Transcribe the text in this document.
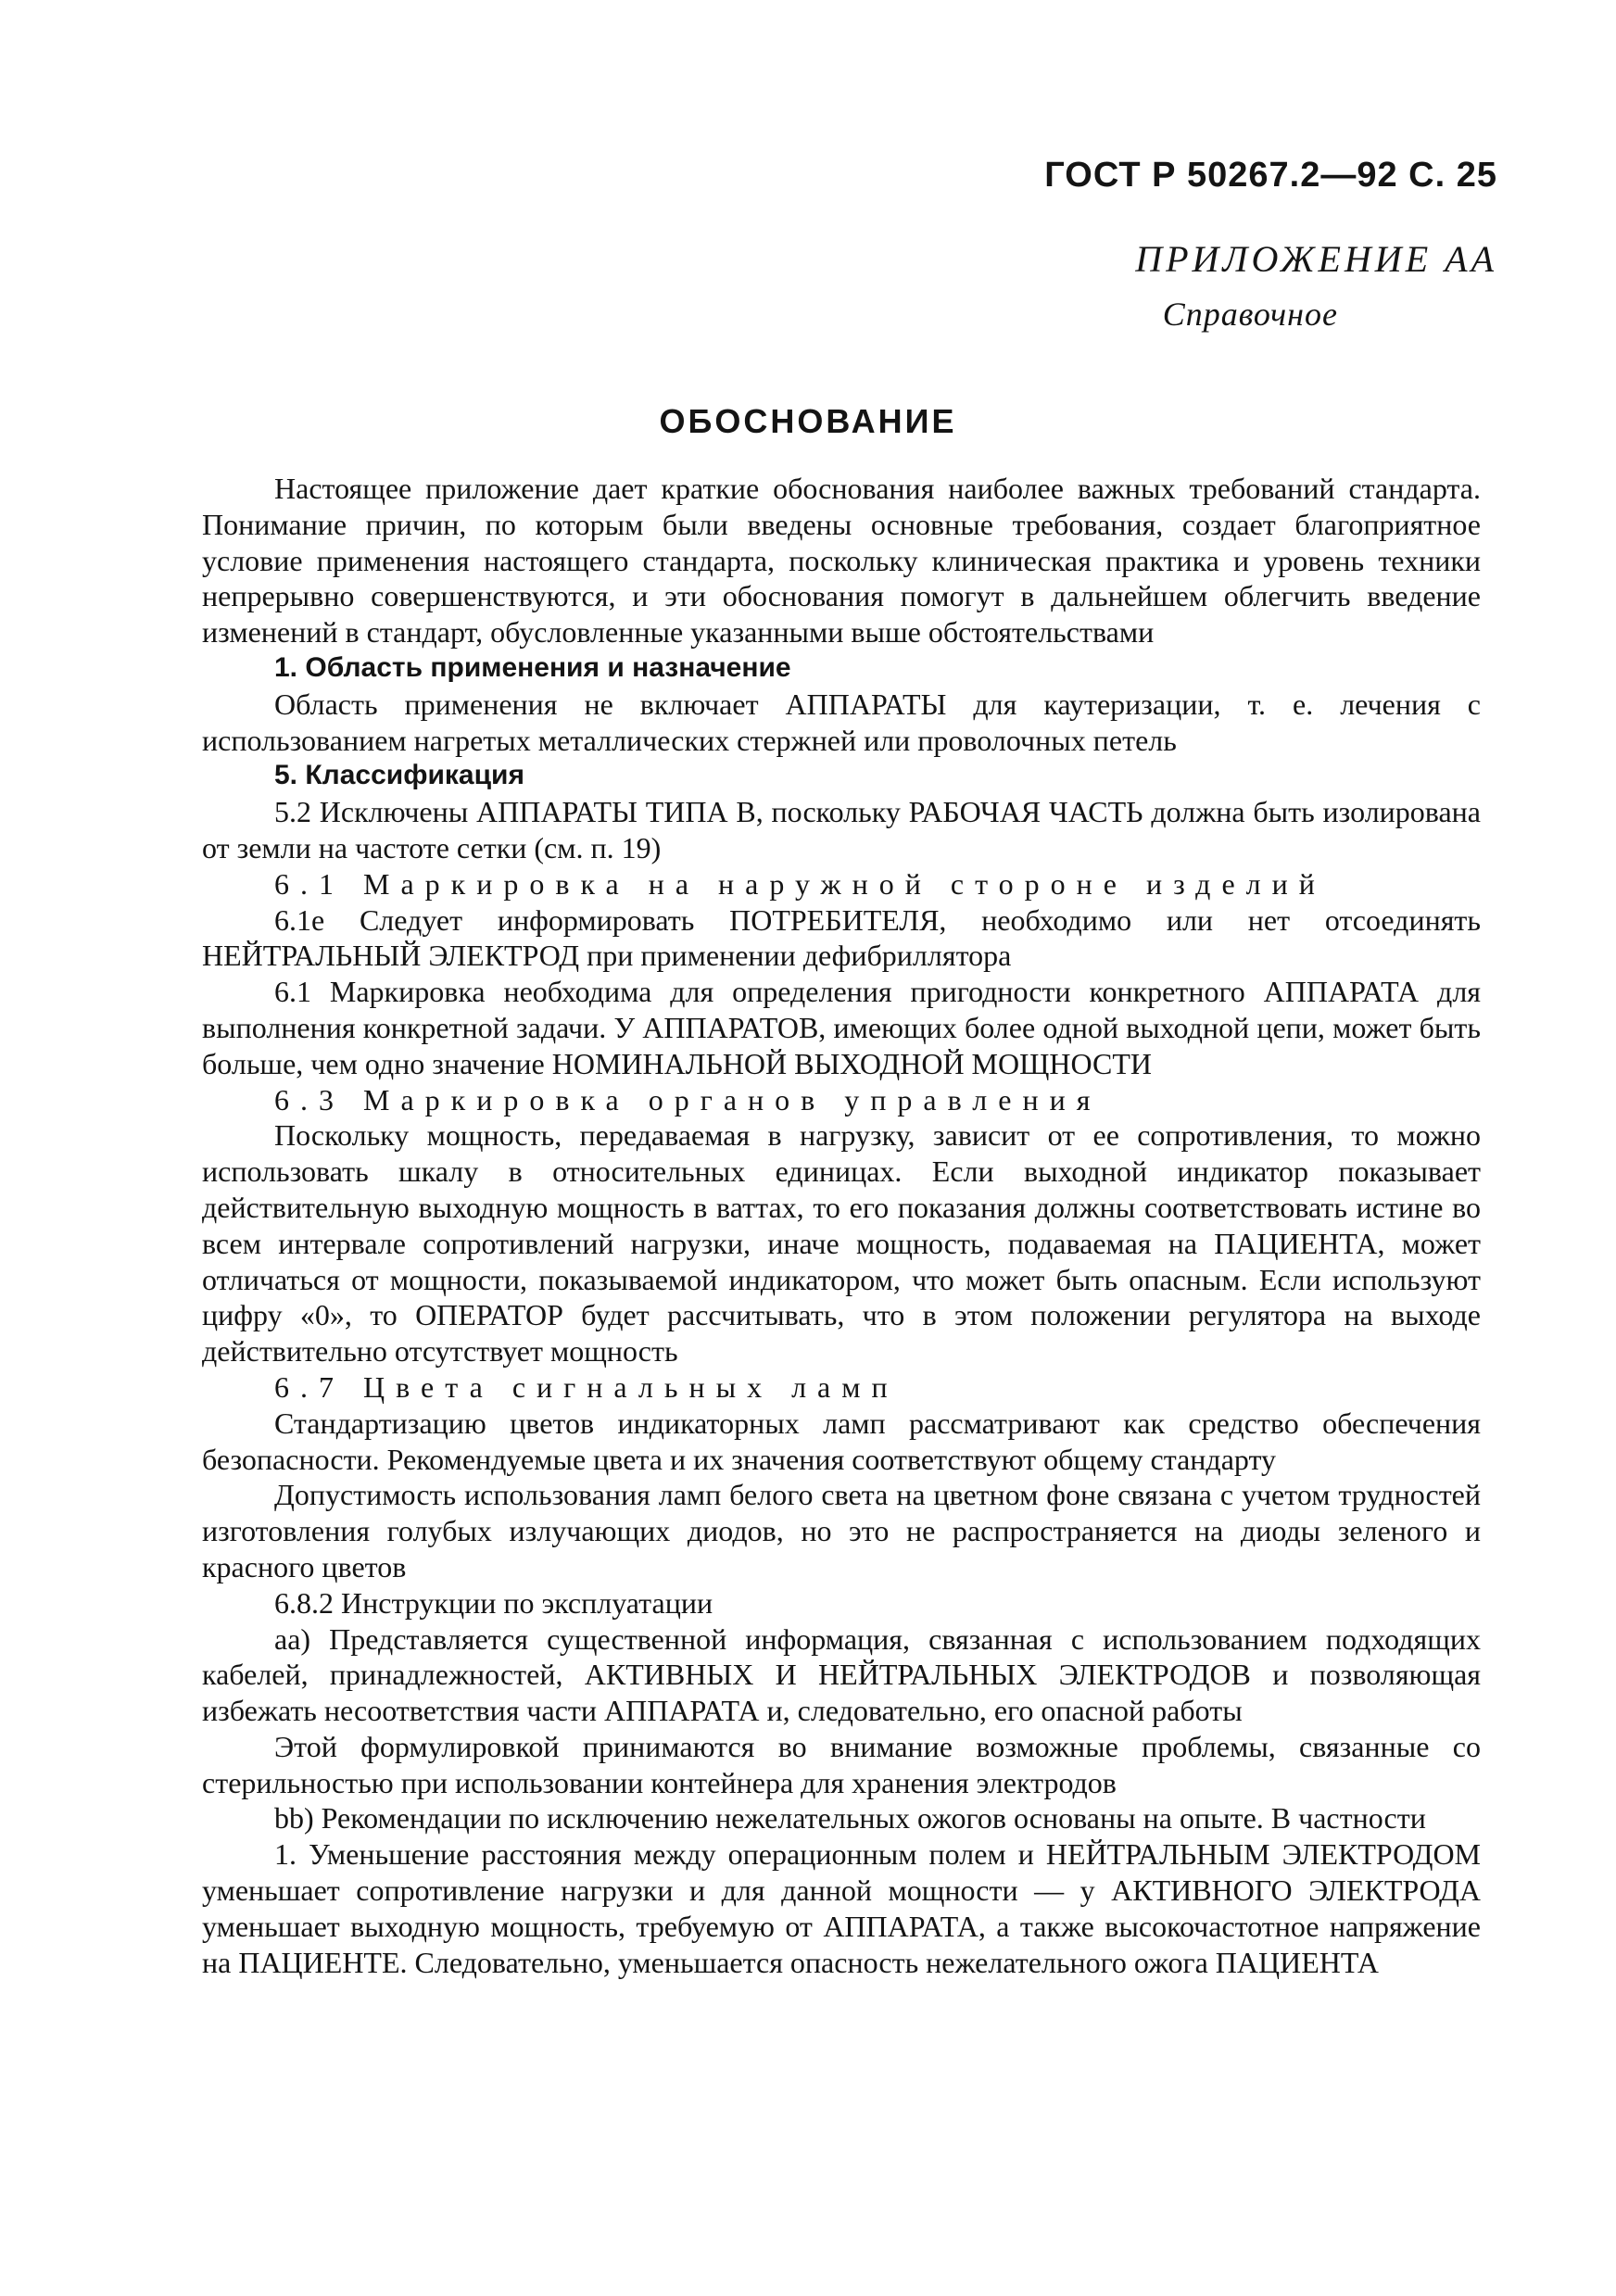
ГОСТ Р 50267.2—92 С. 25
ПРИЛОЖЕНИЕ АА
Справочное
ОБОСНОВАНИЕ

Настоящее приложение дает краткие обоснования наиболее важных требований стандарта. Понимание причин, по которым были введены основные требования, создает благоприятное условие применения настоящего стандарта, поскольку клиническая практика и уровень техники непрерывно совершенствуются, и эти обоснования помогут в дальнейшем облегчить введение изменений в стандарт, обусловленные указанными выше обстоятельствами

1. Область применения и назначение

Область применения не включает АППАРАТЫ для каутеризации, т. е. лечения с использованием нагретых металлических стержней или проволочных петель

5. Классификация

5.2 Исключены АППАРАТЫ ТИПА В, поскольку РАБОЧАЯ ЧАСТЬ должна быть изолирована от земли на частоте сетки (см. п. 19)

6.1 Маркировка на наружной стороне изделий

6.1е Следует информировать ПОТРЕБИТЕЛЯ, необходимо или нет отсоединять НЕЙТРАЛЬНЫЙ ЭЛЕКТРОД при применении дефибриллятора

6.1 Маркировка необходима для определения пригодности конкретного АППАРАТА для выполнения конкретной задачи. У АППАРАТОВ, имеющих более одной выходной цепи, может быть больше, чем одно значение НОМИНАЛЬНОЙ ВЫХОДНОЙ МОЩНОСТИ

6.3 Маркировка органов управления

Поскольку мощность, передаваемая в нагрузку, зависит от ее сопротивления, то можно использовать шкалу в относительных единицах. Если выходной индикатор показывает действительную выходную мощность в ваттах, то его показания должны соответствовать истине во всем интервале сопротивлений нагрузки, иначе мощность, подаваемая на ПАЦИЕНТА, может отличаться от мощности, показываемой индикатором, что может быть опасным. Если используют цифру «0», то ОПЕРАТОР будет рассчитывать, что в этом положении регулятора на выходе действительно отсутствует мощность

6.7 Цвета сигнальных ламп

Стандартизацию цветов индикаторных ламп рассматривают как средство обеспечения безопасности. Рекомендуемые цвета и их значения соответствуют общему стандарту

Допустимость использования ламп белого света на цветном фоне связана с учетом трудностей изготовления голубых излучающих диодов, но это не распространяется на диоды зеленого и красного цветов

6.8.2 Инструкции по эксплуатации

аа) Представляется существенной информация, связанная с использованием подходящих кабелей, принадлежностей, АКТИВНЫХ И НЕЙТРАЛЬНЫХ ЭЛЕКТРОДОВ и позволяющая избежать несоответствия части АППАРАТА и, следовательно, его опасной работы

Этой формулировкой принимаются во внимание возможные проблемы, связанные со стерильностью при использовании контейнера для хранения электродов

bb) Рекомендации по исключению нежелательных ожогов основаны на опыте. В частности

1. Уменьшение расстояния между операционным полем и НЕЙТРАЛЬНЫМ ЭЛЕКТРОДОМ уменьшает сопротивление нагрузки и для данной мощности — у АКТИВНОГО ЭЛЕКТРОДА уменьшает выходную мощность, требуемую от АППАРАТА, а также высокочастотное напряжение на ПАЦИЕНТЕ. Следовательно, уменьшается опасность нежелательного ожога ПАЦИЕНТА
